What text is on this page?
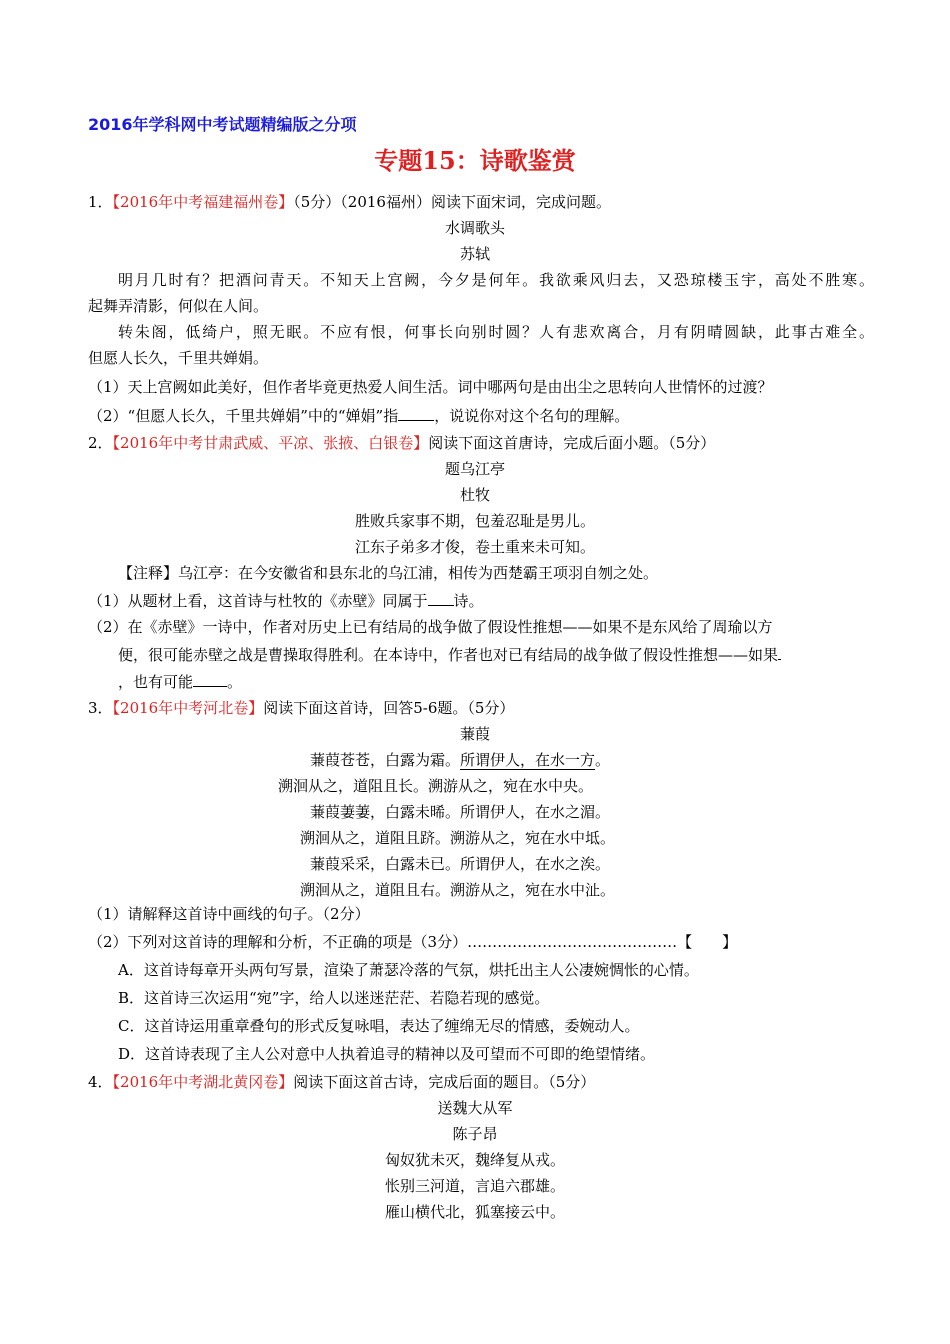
2016年学科网中考试题精编版之分项
专题15：诗歌鉴赏
1．【2016年中考福建福州卷】（5分）（2016福州）阅读下面宋词，完成问题。
水调歌头
苏轼
明月几时有？把酒问青天。不知天上宫阙，今夕是何年。我欲乘风归去，又恐琼楼玉宇，高处不胜寒。
起舞弄清影，何似在人间。
转朱阁，低绮户，照无眠。不应有恨，何事长向别时圆？人有悲欢离合，月有阴晴圆缺，此事古难全。
但愿人长久，千里共婵娟。
（1）天上宫阙如此美好，但作者毕竟更热爱人间生活。词中哪两句是由出尘之思转向人世情怀的过渡？
（2）“但愿人长久，千里共婵娟”中的“婵娟”指 ，说说你对这个名句的理解。
2．【2016年中考甘肃武威、平凉、张掖、白银卷】阅读下面这首唐诗，完成后面小题。（5分）
题乌江亭
杜牧
胜败兵家事不期，包羞忍耻是男儿。
江东子弟多才俊，卷土重来未可知。
【注释】乌江亭：在今安徽省和县东北的乌江浦，相传为西楚霸王项羽自刎之处。
（1）从题材上看，这首诗与杜牧的《赤壁》同属于 诗。
（2）在《赤壁》一诗中，作者对历史上已有结局的战争做了假设性推想——如果不是东风给了周瑜以方
便，很可能赤壁之战是曹操取得胜利。在本诗中，作者也对已有结局的战争做了假设性推想——如果
，也有可能 。
3．【2016年中考河北卷】阅读下面这首诗，回答5-6题。（5分）
蒹葭
蒹葭苍苍，白露为霜。所谓伊人，在水一方。
溯洄从之，道阻且长。溯游从之，宛在水中央。
蒹葭萋萋，白露未晞。所谓伊人，在水之湄。
溯洄从之，道阻且跻。溯游从之，宛在水中坻。
蒹葭采采，白露未已。所谓伊人，在水之涘。
溯洄从之，道阻且右。溯游从之，宛在水中沚。
（1）请解释这首诗中画线的句子。（2分）
（2）下列对这首诗的理解和分析，不正确的项是（3分）……………………………………【　　】
A．这首诗每章开头两句写景，渲染了萧瑟冷落的气氛，烘托出主人公凄婉惆怅的心情。
B．这首诗三次运用“宛”字，给人以迷迷茫茫、若隐若现的感觉。
C．这首诗运用重章叠句的形式反复咏唱，表达了缠绵无尽的情感，委婉动人。
D．这首诗表现了主人公对意中人执着追寻的精神以及可望而不可即的绝望情绪。
4．【2016年中考湖北黄冈卷】阅读下面这首古诗，完成后面的题目。（5分）
送魏大从军
陈子昂
匈奴犹未灭，魏绛复从戎。
怅别三河道，言追六郡雄。
雁山横代北，狐塞接云中。
